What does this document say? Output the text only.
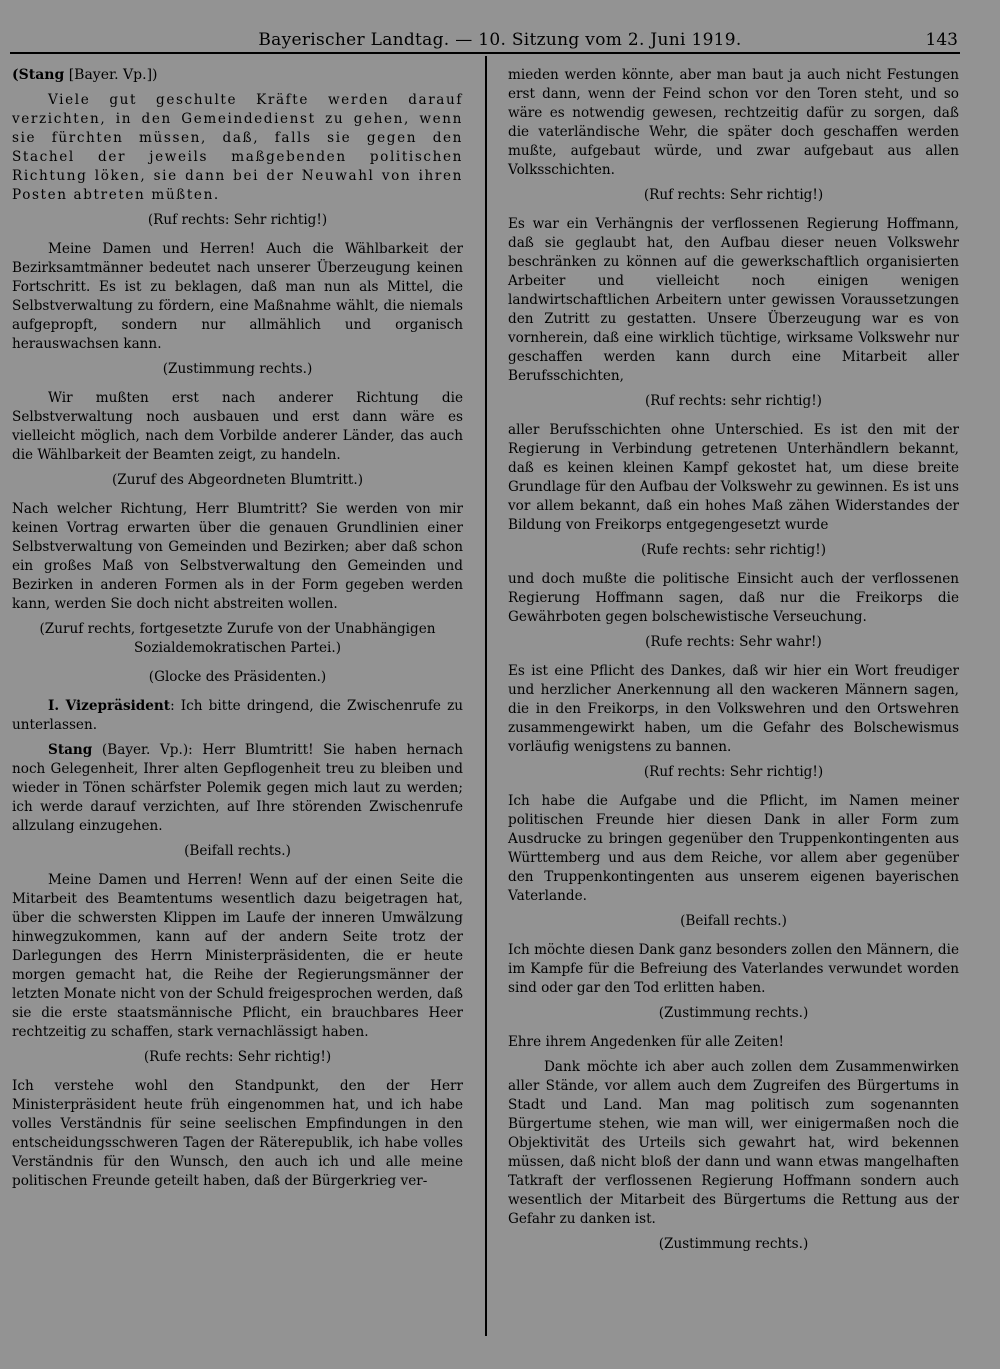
Bayerischer Landtag. — 10. Sitzung vom 2. Juni 1919.	143

(Stang [Bayer. Vp.])

Viele gut geschulte Kräfte werden darauf verzichten, in den Gemeindedienst zu gehen, wenn sie fürchten müssen, daß, falls sie gegen den Stachel der jeweils maßgebenden politischen Richtung löken, sie dann bei der Neuwahl von ihren Posten abtreten müßten.

(Ruf rechts: Sehr richtig!)

Meine Damen und Herren! Auch die Wählbarkeit der Bezirksamtmänner bedeutet nach unserer Überzeugung keinen Fortschritt. Es ist zu beklagen, daß man nun als Mittel, die Selbstverwaltung zu fördern, eine Maßnahme wählt, die niemals aufgepropft, sondern nur allmählich und organisch herauswachsen kann.

(Zustimmung rechts.)

Wir mußten erst nach anderer Richtung die Selbstverwaltung noch ausbauen und erst dann wäre es vielleicht möglich, nach dem Vorbilde anderer Länder, das auch die Wählbarkeit der Beamten zeigt, zu handeln.

(Zuruf des Abgeordneten Blumtritt.)

Nach welcher Richtung, Herr Blumtritt? Sie werden von mir keinen Vortrag erwarten über die genauen Grundlinien einer Selbstverwaltung von Gemeinden und Bezirken; aber daß schon ein großes Maß von Selbstverwaltung den Gemeinden und Bezirken in anderen Formen als in der Form gegeben werden kann, werden Sie doch nicht abstreiten wollen.

(Zuruf rechts, fortgesetzte Zurufe von der Unabhängigen Sozialdemokratischen Partei.)

(Glocke des Präsidenten.)

I. Vizepräsident: Ich bitte dringend, die Zwischenrufe zu unterlassen.

Stang (Bayer. Vp.): Herr Blumtritt! Sie haben hernach noch Gelegenheit, Ihrer alten Gepflogenheit treu zu bleiben und wieder in Tönen schärfster Polemik gegen mich laut zu werden; ich werde darauf verzichten, auf Ihre störenden Zwischenrufe allzulang einzugehen.

(Beifall rechts.)

Meine Damen und Herren! Wenn auf der einen Seite die Mitarbeit des Beamtentums wesentlich dazu beigetragen hat, über die schwersten Klippen im Laufe der inneren Umwälzung hinwegzukommen, kann auf der andern Seite trotz der Darlegungen des Herrn Ministerpräsidenten, die er heute morgen gemacht hat, die Reihe der Regierungsmänner der letzten Monate nicht von der Schuld freigesprochen werden, daß sie die erste staatsmännische Pflicht, ein brauchbares Heer rechtzeitig zu schaffen, stark vernachlässigt haben.

(Rufe rechts: Sehr richtig!)

Ich verstehe wohl den Standpunkt, den der Herr Ministerpräsident heute früh eingenommen hat, und ich habe volles Verständnis für seine seelischen Empfindungen in den entscheidungsschweren Tagen der Räterepublik, ich habe volles Verständnis für den Wunsch, den auch ich und alle meine politischen Freunde geteilt haben, daß der Bürgerkrieg ver-

mieden werden könnte, aber man baut ja auch nicht Festungen erst dann, wenn der Feind schon vor den Toren steht, und so wäre es notwendig gewesen, rechtzeitig dafür zu sorgen, daß die vaterländische Wehr, die später doch geschaffen werden mußte, aufgebaut würde, und zwar aufgebaut aus allen Volksschichten.

(Ruf rechts: Sehr richtig!)

Es war ein Verhängnis der verflossenen Regierung Hoffmann, daß sie geglaubt hat, den Aufbau dieser neuen Volkswehr beschränken zu können auf die gewerkschaftlich organisierten Arbeiter und vielleicht noch einigen wenigen landwirtschaftlichen Arbeitern unter gewissen Voraussetzungen den Zutritt zu gestatten. Unsere Überzeugung war es von vornherein, daß eine wirklich tüchtige, wirksame Volkswehr nur geschaffen werden kann durch eine Mitarbeit aller Berufsschichten,

(Ruf rechts: sehr richtig!)

aller Berufsschichten ohne Unterschied. Es ist den mit der Regierung in Verbindung getretenen Unterhändlern bekannt, daß es keinen kleinen Kampf gekostet hat, um diese breite Grundlage für den Aufbau der Volkswehr zu gewinnen. Es ist uns vor allem bekannt, daß ein hohes Maß zähen Widerstandes der Bildung von Freikorps entgegengesetzt wurde

(Rufe rechts: sehr richtig!)

und doch mußte die politische Einsicht auch der verflossenen Regierung Hoffmann sagen, daß nur die Freikorps die Gewährboten gegen bolschewistische Verseuchung.

(Rufe rechts: Sehr wahr!)

Es ist eine Pflicht des Dankes, daß wir hier ein Wort freudiger und herzlicher Anerkennung all den wackeren Männern sagen, die in den Freikorps, in den Volkswehren und den Ortswehren zusammengewirkt haben, um die Gefahr des Bolschewismus vorläufig wenigstens zu bannen.

(Ruf rechts: Sehr richtig!)

Ich habe die Aufgabe und die Pflicht, im Namen meiner politischen Freunde hier diesen Dank in aller Form zum Ausdrucke zu bringen gegenüber den Truppenkontingenten aus Württemberg und aus dem Reiche, vor allem aber gegenüber den Truppenkontingenten aus unserem eigenen bayerischen Vaterlande.

(Beifall rechts.)

Ich möchte diesen Dank ganz besonders zollen den Männern, die im Kampfe für die Befreiung des Vaterlandes verwundet worden sind oder gar den Tod erlitten haben.

(Zustimmung rechts.)

Ehre ihrem Angedenken für alle Zeiten!

Dank möchte ich aber auch zollen dem Zusammenwirken aller Stände, vor allem auch dem Zugreifen des Bürgertums in Stadt und Land. Man mag politisch zum sogenannten Bürgertume stehen, wie man will, wer einigermaßen noch die Objektivität des Urteils sich gewahrt hat, wird bekennen müssen, daß nicht bloß der dann und wann etwas mangelhaften Tatkraft der verflossenen Regierung Hoffmann sondern auch wesentlich der Mitarbeit des Bürgertums die Rettung aus der Gefahr zu danken ist.

(Zustimmung rechts.)
